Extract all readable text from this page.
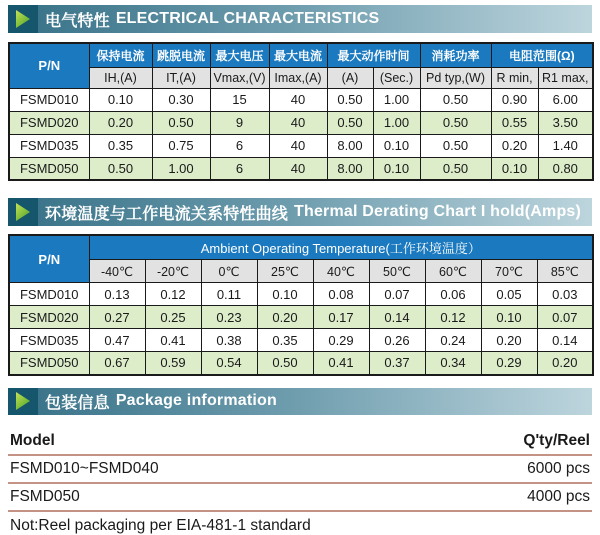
电气特性 ELECTRICAL CHARACTERISTICS
P/N	保持电流	跳脱电流	最大电压	最大电流	最大动作时间		消耗功率	电阻范围(Ω)	
	IH,(A)	IT,(A)	Vmax,(V)	Imax,(A)	(A)	(Sec.)	Pd typ,(W)	R min,	R1 max,
FSMD010	0.10	0.30	15	40	0.50	1.00	0.50	0.90	6.00
FSMD020	0.20	0.50	9	40	0.50	1.00	0.50	0.55	3.50
FSMD035	0.35	0.75	6	40	8.00	0.10	0.50	0.20	1.40
FSMD050	0.50	1.00	6	40	8.00	0.10	0.50	0.10	0.80
环境温度与工作电流关系特性曲线 Thermal Derating Chart I hold(Amps)
P/N	Ambient Operating Temperature(工作环境温度）								
	-40℃	-20℃	0℃	25℃	40℃	50℃	60℃	70℃	85℃
FSMD010	0.13	0.12	0.11	0.10	0.08	0.07	0.06	0.05	0.03
FSMD020	0.27	0.25	0.23	0.20	0.17	0.14	0.12	0.10	0.07
FSMD035	0.47	0.41	0.38	0.35	0.29	0.26	0.24	0.20	0.14
FSMD050	0.67	0.59	0.54	0.50	0.41	0.37	0.34	0.29	0.20
包装信息 Package information
Model	Q'ty/Reel
FSMD010~FSMD040	6000 pcs
FSMD050	4000 pcs
Not:Reel packaging per EIA-481-1 standard
